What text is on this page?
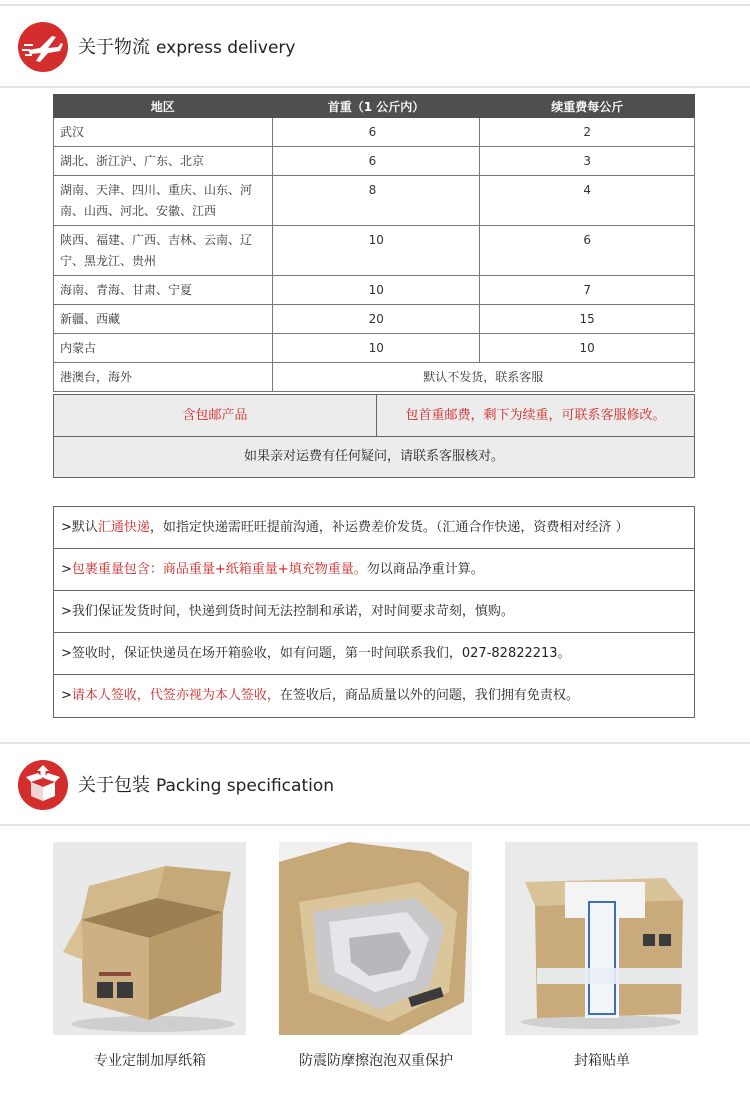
关于物流 express delivery
地区	首重（1 公斤内）	续重费每公斤
武汉	6	2
湖北、浙江沪、广东、北京	6	3
湖南、天津、四川、重庆、山东、河南、山西、河北、安徽、江西	8	4
陕西、福建、广西、吉林、云南、辽宁、黑龙江、贵州	10	6
海南、青海、甘肃、宁夏	10	7
新疆、西藏	20	15
内蒙古	10	10
港澳台，海外	默认不发货，联系客服	
含包邮产品	包首重邮费，剩下为续重，可联系客服修改。
如果亲对运费有任何疑问，请联系客服核对。
>默认汇通快递，如指定快递需旺旺提前沟通，补运费差价发货。（汇通合作快递，资费相对经济 ）
>包裹重量包含：商品重量+纸箱重量+填充物重量。勿以商品净重计算。
>我们保证发货时间，快递到货时间无法控制和承诺，对时间要求苛刻，慎购。
>签收时，保证快递员在场开箱验收，如有问题，第一时间联系我们，027-82822213。
>请本人签收，代签亦视为本人签收，在签收后，商品质量以外的问题，我们拥有免责权。
关于包装 Packing specification
专业定制加厚纸箱	防震防摩擦泡泡双重保护	封箱贴单
